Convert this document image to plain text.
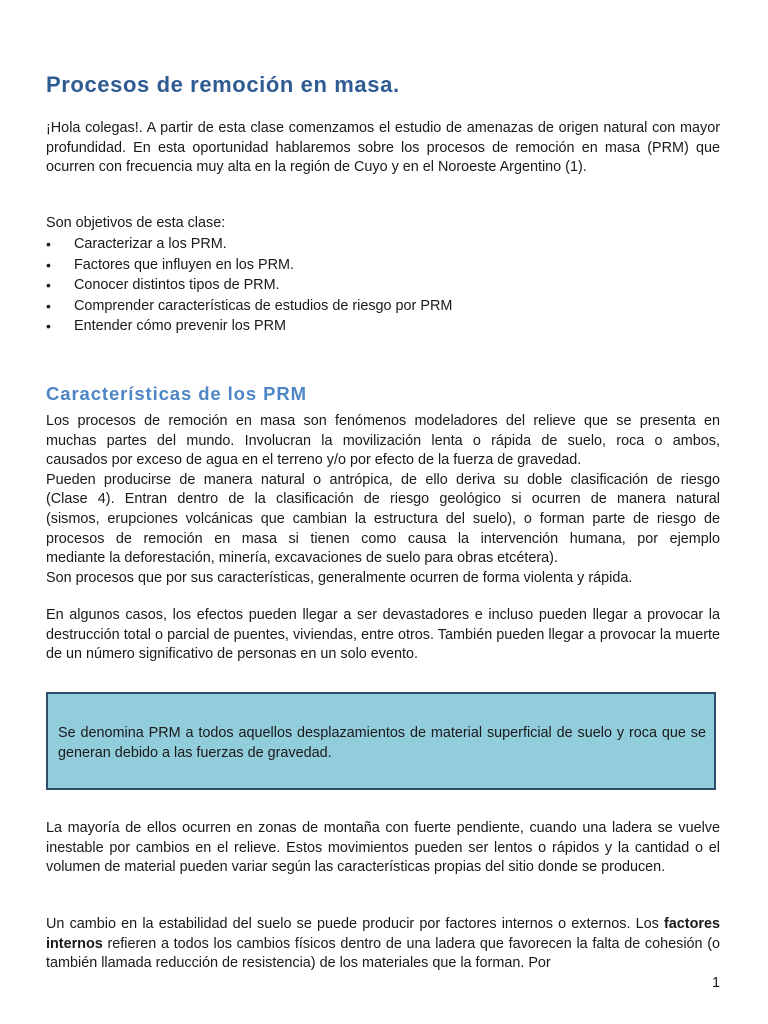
Procesos de remoción en masa.

¡Hola colegas!. A partir de esta clase comenzamos el estudio de amenazas de origen natural con mayor profundidad. En esta oportunidad hablaremos sobre los procesos de remoción en masa (PRM) que ocurren con frecuencia muy alta en la región de Cuyo y en el Noroeste Argentino (1).

Son objetivos de esta clase:

• Caracterizar a los PRM.
• Factores que influyen en los PRM.
• Conocer distintos tipos de PRM.
• Comprender características de estudios de riesgo por PRM
• Entender cómo prevenir los PRM
Características de los PRM

Los procesos de remoción en masa son fenómenos modeladores del relieve que se presenta en
muchas partes del mundo. Involucran la movilización lenta o rápida de suelo, roca o ambos,
causados por exceso de agua en el terreno y/o por efecto de la fuerza de gravedad.
Pueden producirse de manera natural o antrópica, de ello deriva su doble clasificación de riesgo
(Clase 4). Entran dentro de la clasificación de riesgo geológico si ocurren de manera natural
(sismos, erupciones volcánicas que cambian la estructura del suelo), o forman parte de riesgo de
procesos de remoción en masa si tienen como causa la intervención humana, por ejemplo
mediante la deforestación, minería, excavaciones de suelo para obras etcétera).
Son procesos que por sus características, generalmente ocurren de forma violenta y rápida.

En algunos casos, los efectos pueden llegar a ser devastadores e incluso pueden llegar a provocar la destrucción total o parcial de puentes, viviendas, entre otros. También pueden llegar a provocar la muerte de un número significativo de personas en un solo evento.

Se denomina PRM a todos aquellos desplazamientos de material superficial de suelo y roca que se generan debido a las fuerzas de gravedad.

La mayoría de ellos ocurren en zonas de montaña con fuerte pendiente, cuando una ladera se vuelve inestable por cambios en el relieve. Estos movimientos pueden ser lentos o rápidos y la cantidad o el volumen de material pueden variar según las características propias del sitio donde se producen.

Un cambio en la estabilidad del suelo se puede producir por factores internos o externos. Los factores internos refieren a todos los cambios físicos dentro de una ladera que favorecen la falta de cohesión (o también llamada reducción de resistencia) de los materiales que la forman. Por

1
